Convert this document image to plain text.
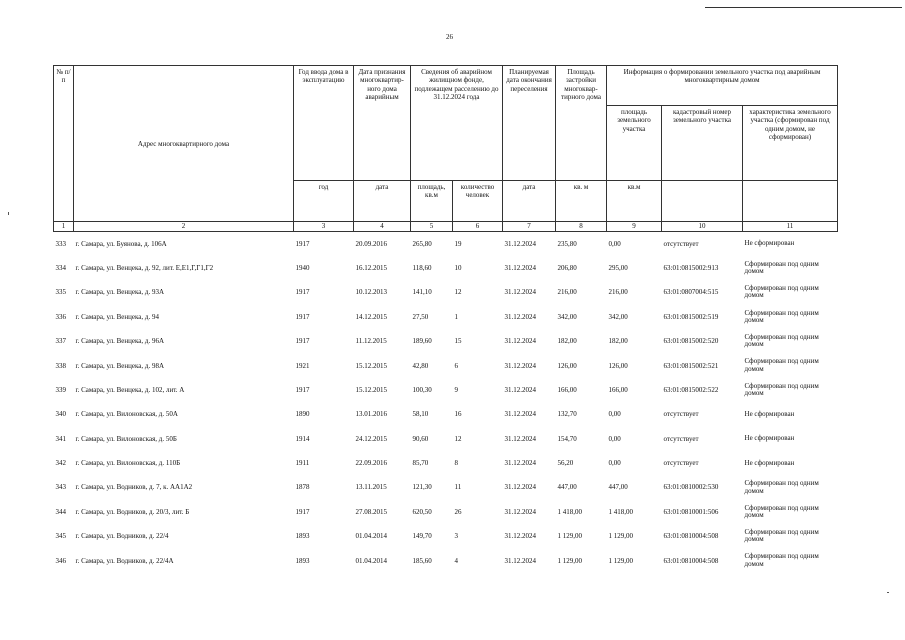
26
№ п/п	Адрес многоквартирного дома	Год ввода дома в эксплуатацию	Дата признания многоквартир-ного дома аварийным	Сведения об аварийном жилищном фонде, подлежащем расселению до 31.12.2024 года		Планируемая дата окончания переселения	Площадь застройки многоквар-тирного дома	Информация о формировании земельного участка под аварийным многоквартирным домом		
								площадь земельного участка	кадастровый номер земельного участка	характеристика земельного участка (сформирован под одним домом, не сформирован)
		год	дата	площадь, кв.м	количество человек	дата	кв. м	кв.м		
1	2	3	4	5	6	7	8	9	10	11
333	г. Самара, ул. Буянова, д. 106А	1917	20.09.2016	265,80	19	31.12.2024	235,80	0,00	отсутствует	Не сформирован
334	г. Самара, ул. Венцека, д. 92, лит. Е,Е1,Г,Г1,Г2	1940	16.12.2015	118,60	10	31.12.2024	206,80	295,00	63:01:0815002:913	Сформирован под одним домом
335	г. Самара, ул. Венцека, д. 93А	1917	10.12.2013	141,10	12	31.12.2024	216,00	216,00	63:01:0807004:515	Сформирован под одним домом
336	г. Самара, ул. Венцека, д. 94	1917	14.12.2015	27,50	1	31.12.2024	342,00	342,00	63:01:0815002:519	Сформирован под одним домом
337	г. Самара, ул. Венцека, д. 96А	1917	11.12.2015	189,60	15	31.12.2024	182,00	182,00	63:01:0815002:520	Сформирован под одним домом
338	г. Самара, ул. Венцека, д. 98А	1921	15.12.2015	42,80	6	31.12.2024	126,00	126,00	63:01:0815002:521	Сформирован под одним домом
339	г. Самара, ул. Венцека, д. 102, лит. А	1917	15.12.2015	100,30	9	31.12.2024	166,00	166,00	63:01:0815002:522	Сформирован под одним домом
340	г. Самара, ул. Вилоновская, д. 50А	1890	13.01.2016	58,10	16	31.12.2024	132,70	0,00	отсутствует	Не сформирован
341	г. Самара, ул. Вилоновская, д. 50Б	1914	24.12.2015	90,60	12	31.12.2024	154,70	0,00	отсутствует	Не сформирован
342	г. Самара, ул. Вилоновская, д. 110Б	1911	22.09.2016	85,70	8	31.12.2024	56,20	0,00	отсутствует	Не сформирован
343	г. Самара, ул. Водников, д. 7, к. АА1А2	1878	13.11.2015	121,30	11	31.12.2024	447,00	447,00	63:01:0810002:530	Сформирован под одним домом
344	г. Самара, ул. Водников, д. 20/3, лит. Б	1917	27.08.2015	620,50	26	31.12.2024	1 418,00	1 418,00	63:01:0810001:506	Сформирован под одним домом
345	г. Самара, ул. Водников, д. 22/4	1893	01.04.2014	149,70	3	31.12.2024	1 129,00	1 129,00	63:01:0810004:508	Сформирован под одним домом
346	г. Самара, ул. Водников, д. 22/4А	1893	01.04.2014	185,60	4	31.12.2024	1 129,00	1 129,00	63:01:0810004:508	Сформирован под одним домом
